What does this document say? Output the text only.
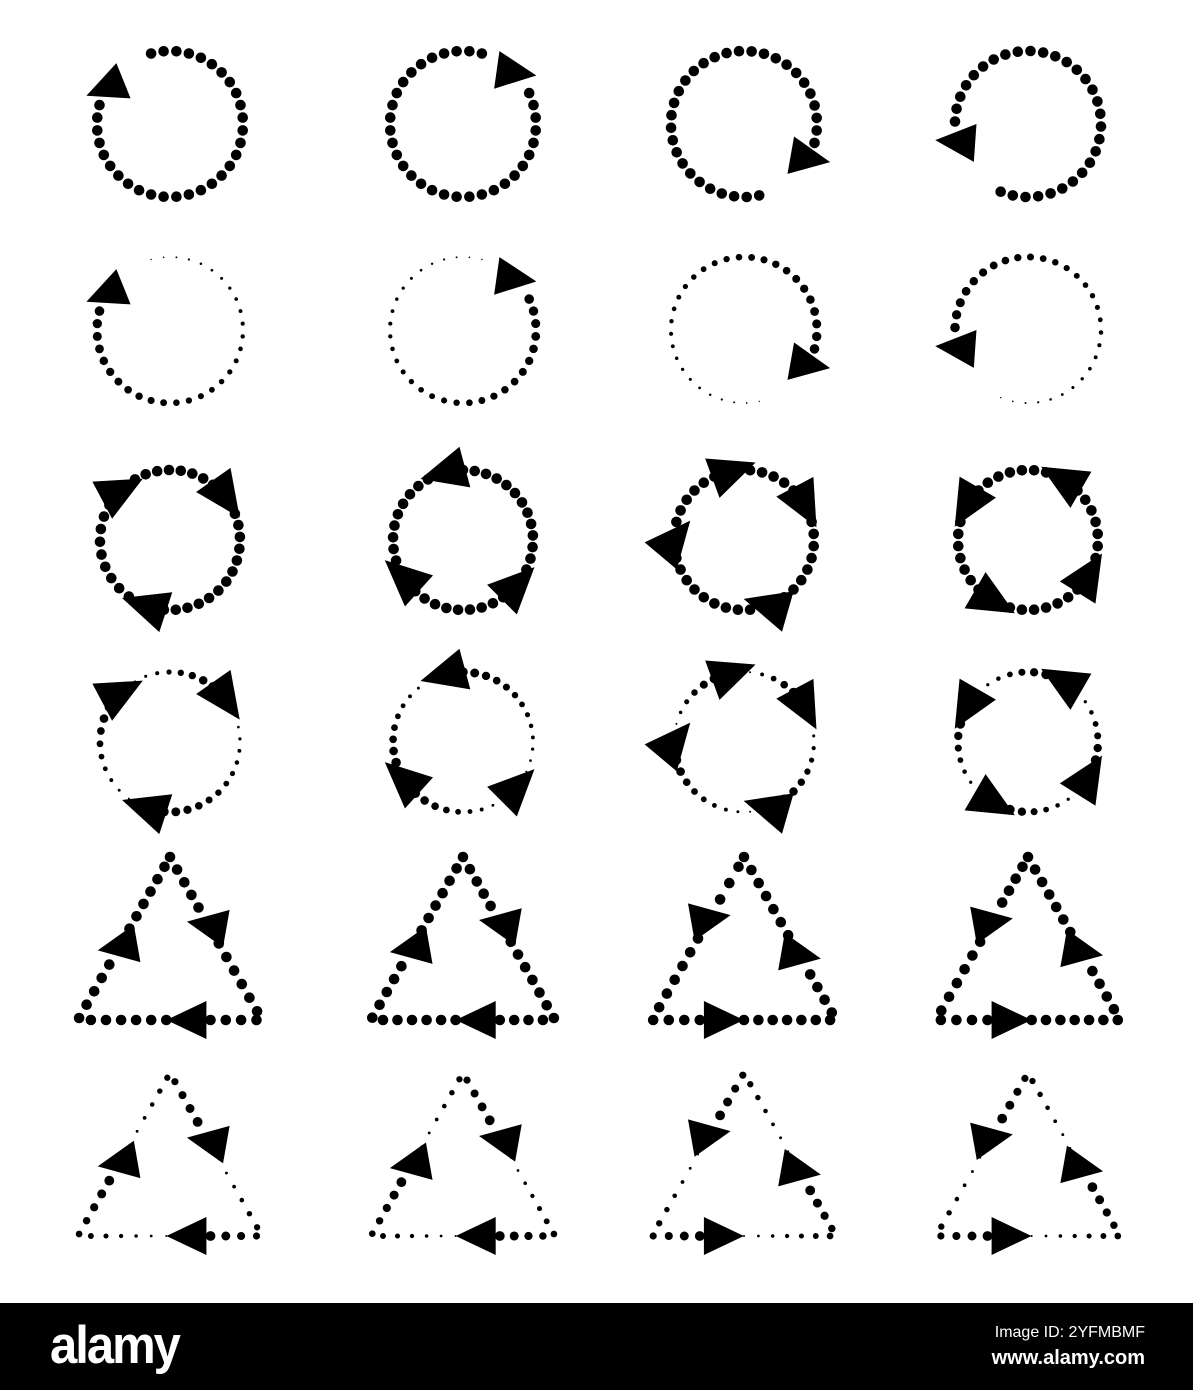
alamy	Image ID: 2YFMBMF
www.alamy.com
